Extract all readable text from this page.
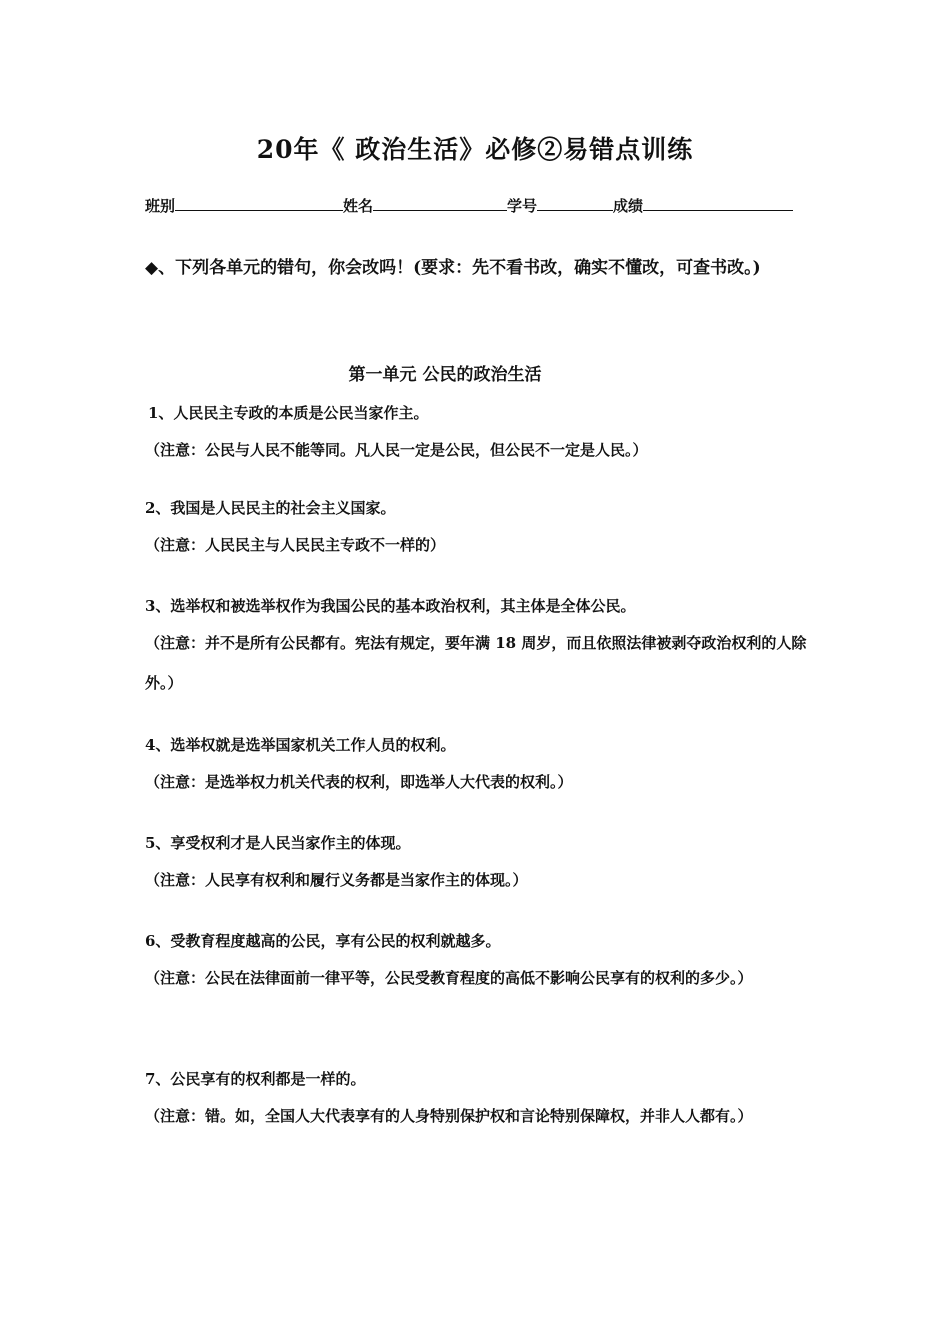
20年《 政治生活》必修②易错点训练
班别	姓名	学号	成绩
◆、下列各单元的错句，你会改吗！(要求：先不看书改，确实不懂改，可查书改。)
第一单元 公民的政治生活
1、人民民主专政的本质是公民当家作主。
（注意：公民与人民不能等同。凡人民一定是公民，但公民不一定是人民。）
2、我国是人民民主的社会主义国家。
（注意：人民民主与人民民主专政不一样的）
3、选举权和被选举权作为我国公民的基本政治权利，其主体是全体公民。
（注意：并不是所有公民都有。宪法有规定，要年满 18 周岁，而且依照法律被剥夺政治权利的人除外。）
4、选举权就是选举国家机关工作人员的权利。
（注意：是选举权力机关代表的权利，即选举人大代表的权利。）
5、享受权利才是人民当家作主的体现。
（注意：人民享有权利和履行义务都是当家作主的体现。）
6、受教育程度越高的公民，享有公民的权利就越多。
（注意：公民在法律面前一律平等，公民受教育程度的高低不影响公民享有的权利的多少。）
7、公民享有的权利都是一样的。
（注意：错。如，全国人大代表享有的人身特别保护权和言论特别保障权，并非人人都有。）
